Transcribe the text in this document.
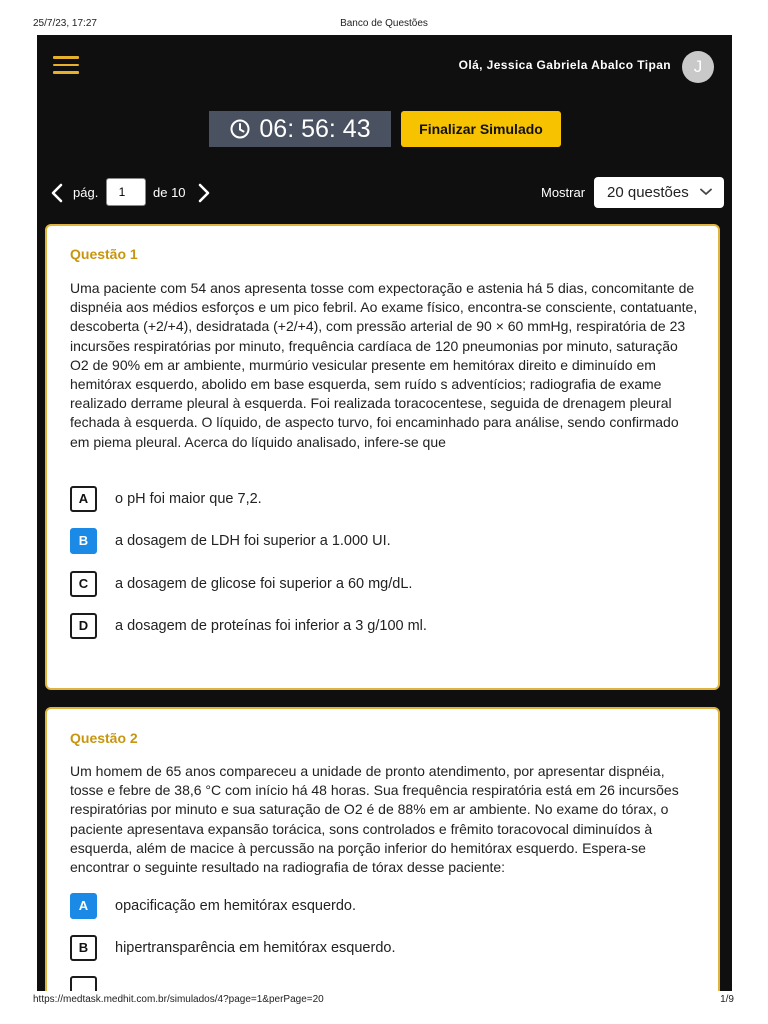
25/7/23, 17:27	Banco de Questões
Olá, Jessica Gabriela Abalco Tipan	J
06: 56: 43	Finalizar Simulado
pág.
1	de 10	Mostrar	20 questões
Questão 1

Uma paciente com 54 anos apresenta tosse com expectoração e astenia há 5 dias, concomitante de dispnéia aos médios esforços e um pico febril. Ao exame físico, encontra-se consciente, contatuante, descoberta (+2/+4), desidratada (+2/+4), com pressão arterial de 90 × 60 mmHg, respiratória de 23 incursões respiratórias por minuto, frequência cardíaca de 120 pneumonias por minuto, saturação O2 de 90% em ar ambiente, murmúrio vesicular presente em hemitórax direito e diminuído em hemitórax esquerdo, abolido em base esquerda, sem ruído s adventícios; radiografia de exame realizado derrame pleural à esquerda. Foi realizada toracocentese, seguida de drenagem pleural fechada à esquerda. O líquido, de aspecto turvo, foi encaminhado para análise, sendo confirmado em piema pleural. Acerca do líquido analisado, infere-se que

A	o pH foi maior que 7,2.
B	a dosagem de LDH foi superior a 1.000 UI.
C	a dosagem de glicose foi superior a 60 mg/dL.
D	a dosagem de proteínas foi inferior a 3 g/100 ml.
Questão 2

Um homem de 65 anos compareceu a unidade de pronto atendimento, por apresentar dispnéia, tosse e febre de 38,6 °C com início há 48 horas. Sua frequência respiratória está em 26 incursões respiratórias por minuto e sua saturação de O2 é de 88% em ar ambiente. No exame do tórax, o paciente apresentava expansão torácica, sons controlados e frêmito toracovocal diminuídos à esquerda, além de macice à percussão na porção inferior do hemitórax esquerdo. Espera-se encontrar o seguinte resultado na radiografia de tórax desse paciente:

A	opacificação em hemitórax esquerdo.
B	hipertransparência em hemitórax esquerdo.
https://medtask.medhit.com.br/simulados/4?page=1&perPage=20	1/9
